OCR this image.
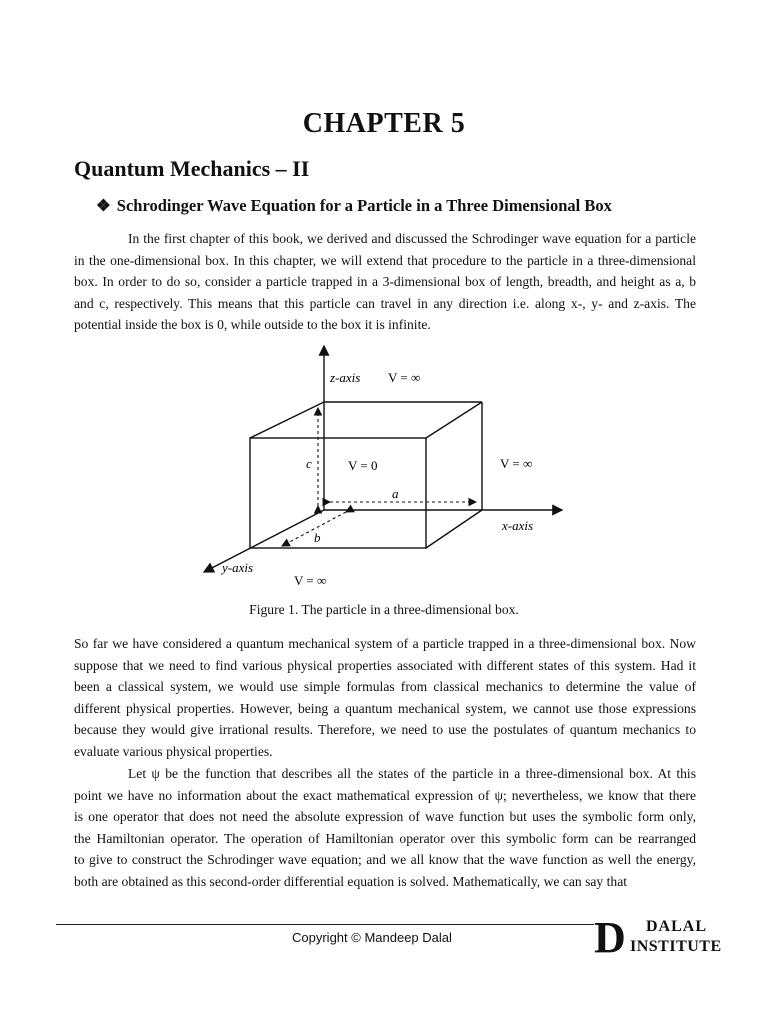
CHAPTER 5
Quantum Mechanics – II
❖ Schrodinger Wave Equation for a Particle in a Three Dimensional Box
In the first chapter of this book, we derived and discussed the Schrodinger wave equation for a particle
in the one-dimensional box. In this chapter, we will extend that procedure to the particle in a three-dimensional
box. In order to do so, consider a particle trapped in a 3-dimensional box of length, breadth, and height as a, b
and c, respectively. This means that this particle can travel in any direction i.e. along x-, y- and z-axis. The
potential inside the box is 0, while outside to the box it is infinite.
z-axis V = ∞
V = ∞
V = 0
c
a
b
x-axis
y-axis
V = ∞
Figure 1. The particle in a three-dimensional box.
So far we have considered a quantum mechanical system of a particle trapped in a three-dimensional box. Now
suppose that we need to find various physical properties associated with different states of this system. Had it
been a classical system, we would use simple formulas from classical mechanics to determine the value of
different physical properties. However, being a quantum mechanical system, we cannot use those expressions
because they would give irrational results. Therefore, we need to use the postulates of quantum mechanics to
evaluate various physical properties.
Let ψ be the function that describes all the states of the particle in a three-dimensional box. At this
point we have no information about the exact mathematical expression of ψ; nevertheless, we know that there
is one operator that does not need the absolute expression of wave function but uses the symbolic form only,
the Hamiltonian operator. The operation of Hamiltonian operator over this symbolic form can be rearranged
to give to construct the Schrodinger wave equation; and we all know that the wave function as well the energy,
both are obtained as this second-order differential equation is solved. Mathematically, we can say that
Copyright © Mandeep Dalal	D DALAL
INSTITUTE
